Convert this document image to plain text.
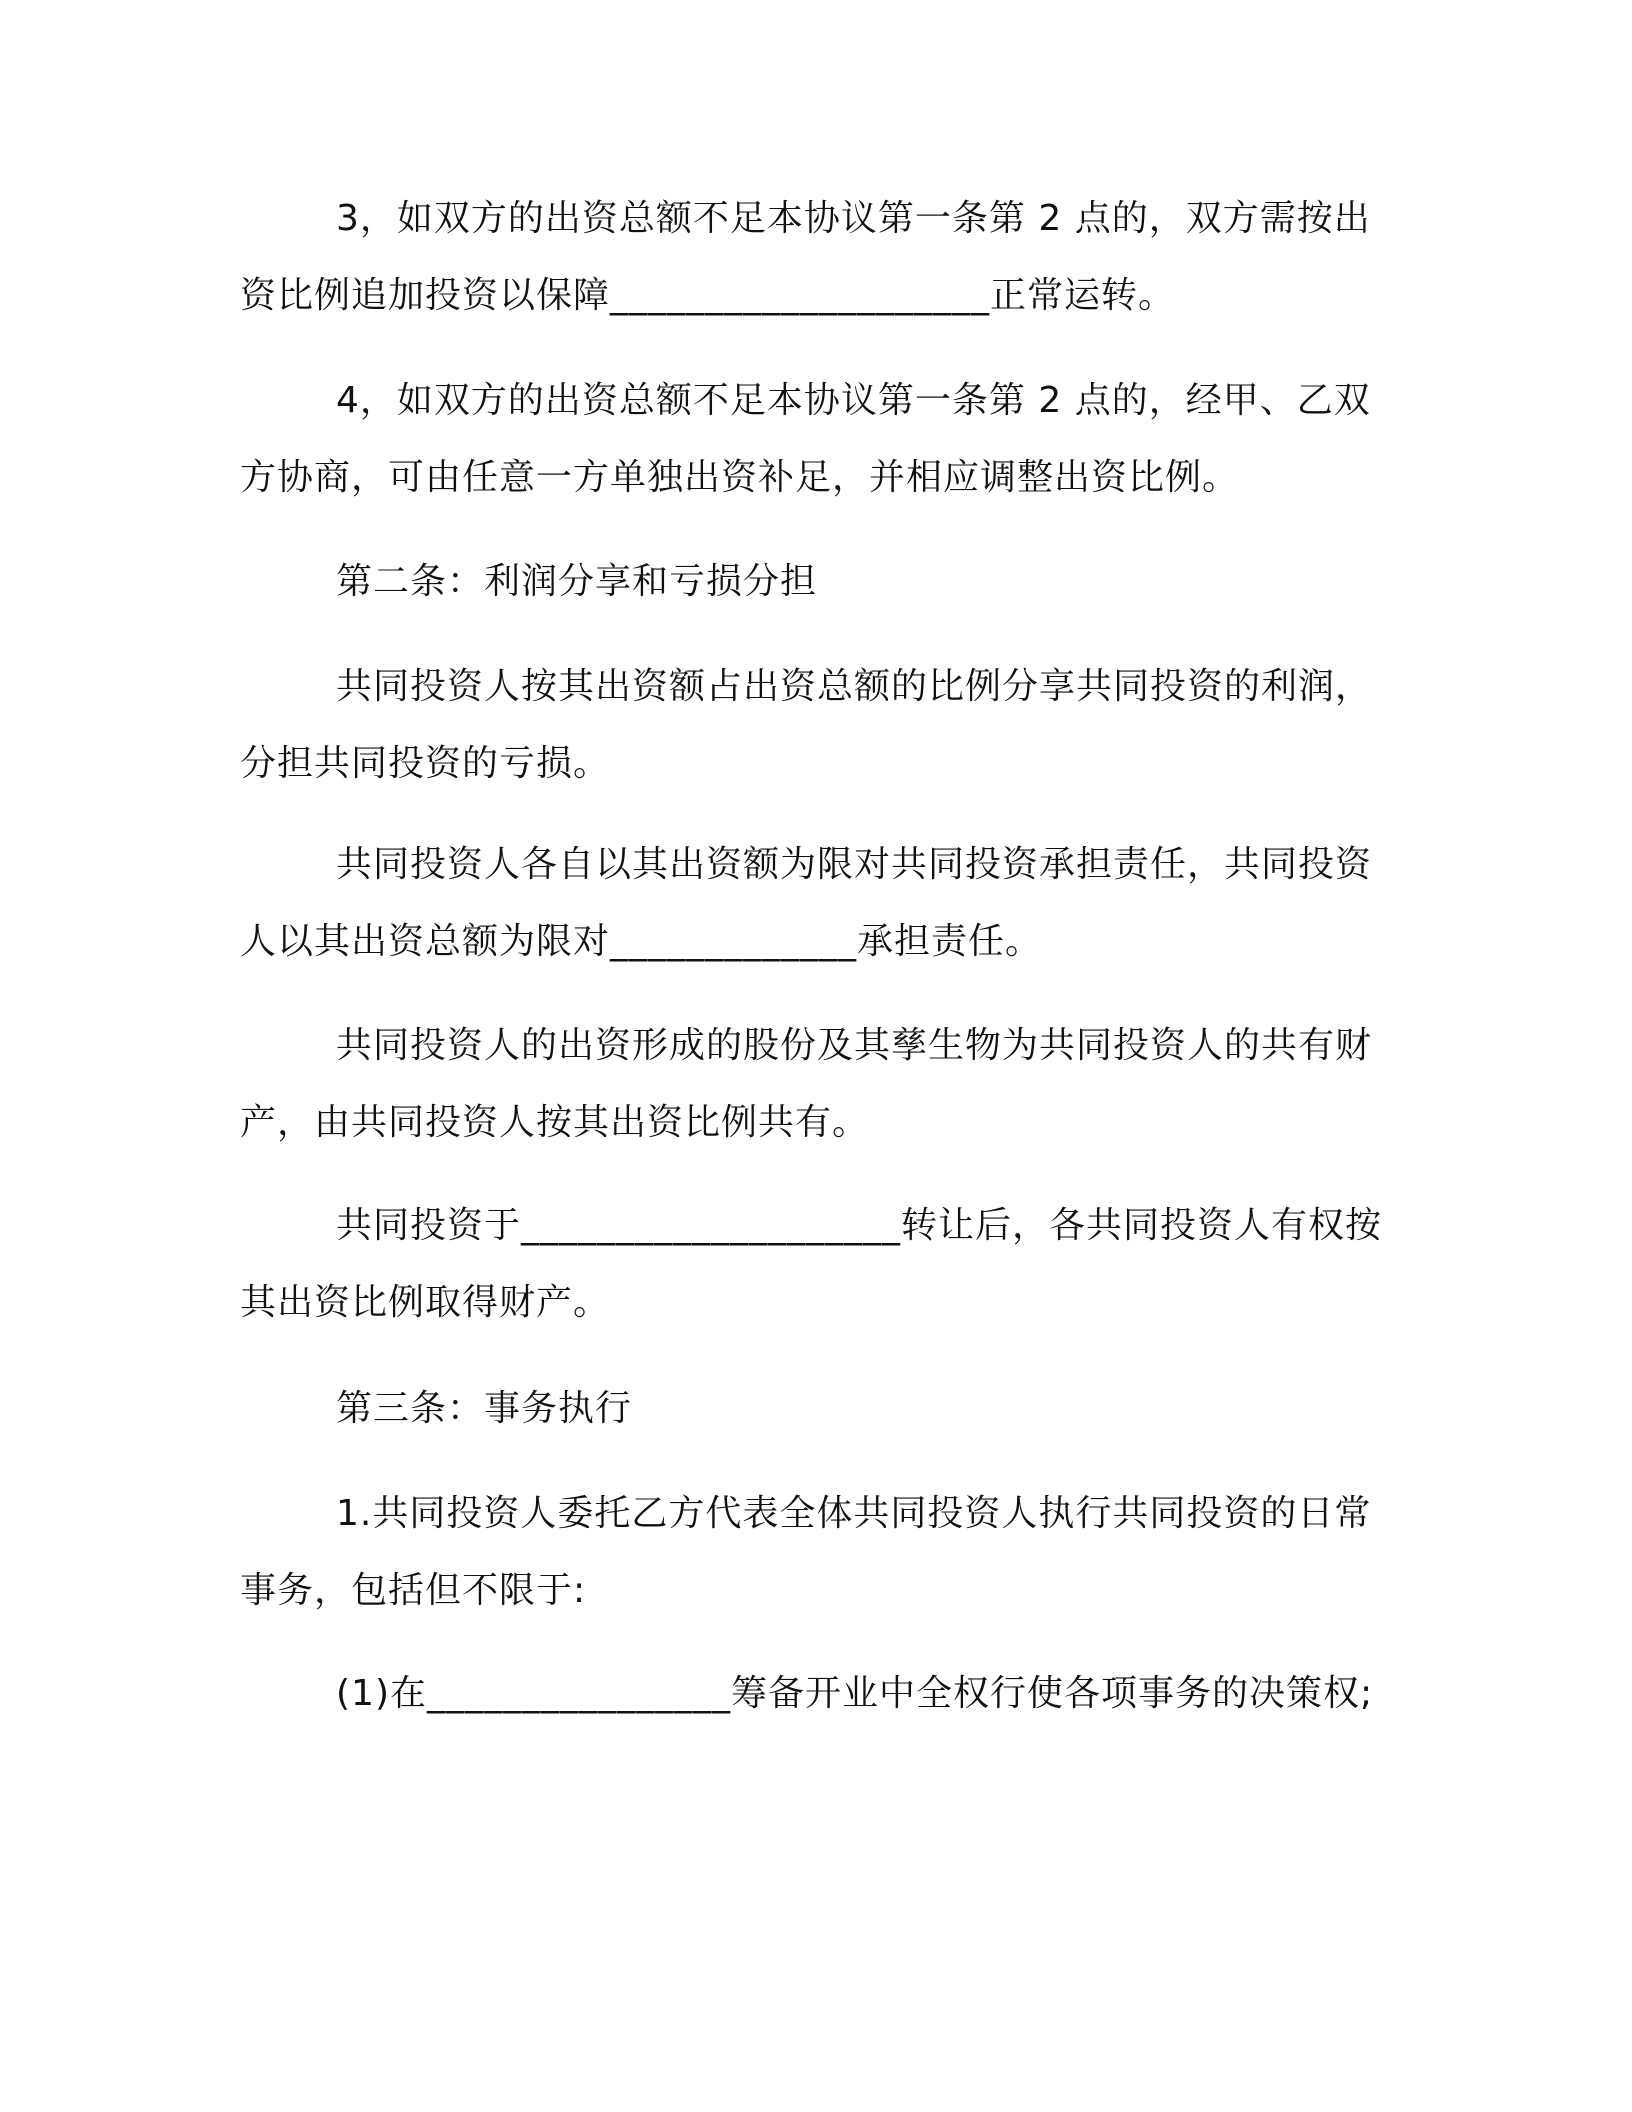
3，如双方的出资总额不足本协议第一条第 2 点的，双方需按出资比例追加投资以保障____________________正常运转。

4，如双方的出资总额不足本协议第一条第 2 点的，经甲、乙双方协商，可由任意一方单独出资补足，并相应调整出资比例。

第二条：利润分享和亏损分担

共同投资人按其出资额占出资总额的比例分享共同投资的利润，分担共同投资的亏损。

共同投资人各自以其出资额为限对共同投资承担责任，共同投资人以其出资总额为限对_____________承担责任。

共同投资人的出资形成的股份及其孳生物为共同投资人的共有财产，由共同投资人按其出资比例共有。

共同投资于____________________转让后，各共同投资人有权按其出资比例取得财产。

第三条：事务执行

1.共同投资人委托乙方代表全体共同投资人执行共同投资的日常事务，包括但不限于:

(1)在________________筹备开业中全权行使各项事务的决策权;
